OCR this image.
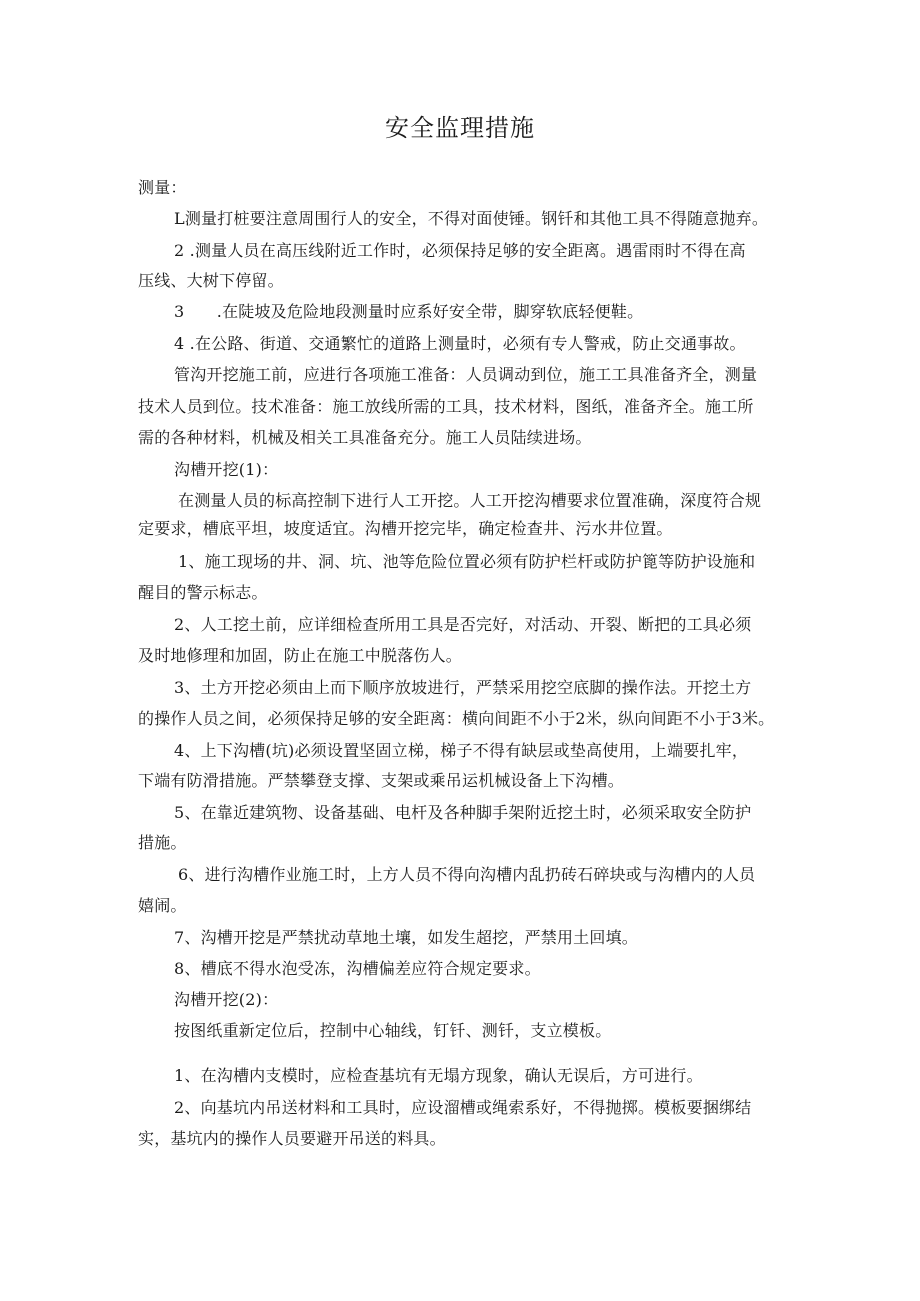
安全监理措施
测量：
L测量打桩要注意周围行人的安全，不得对面使锤。钢钎和其他工具不得随意抛弃。
2 .测量人员在高压线附近工作时，必须保持足够的安全距离。遇雷雨时不得在高
压线、大树下停留。
3　　.在陡坡及危险地段测量时应系好安全带，脚穿软底轻便鞋。
4 .在公路、街道、交通繁忙的道路上测量时，必须有专人警戒，防止交通事故。
管沟开挖施工前，应进行各项施工准备：人员调动到位，施工工具准备齐全，测量
技术人员到位。技术准备：施工放线所需的工具，技术材料，图纸，准备齐全。施工所
需的各种材料，机械及相关工具准备充分。施工人员陆续进场。
沟槽开挖(1)：
在测量人员的标高控制下进行人工开挖。人工开挖沟槽要求位置准确，深度符合规
定要求，槽底平坦，坡度适宜。沟槽开挖完毕，确定检查井、污水井位置。
1、施工现场的井、洞、坑、池等危险位置必须有防护栏杆或防护篦等防护设施和
醒目的警示标志。
2、人工挖土前，应详细检查所用工具是否完好，对活动、开裂、断把的工具必须
及时地修理和加固，防止在施工中脱落伤人。
3、土方开挖必须由上而下顺序放坡进行，严禁采用挖空底脚的操作法。开挖土方
的操作人员之间，必须保持足够的安全距离：横向间距不小于2米，纵向间距不小于3米。
4、上下沟槽(坑)必须设置坚固立梯，梯子不得有缺层或垫高使用，上端要扎牢，
下端有防滑措施。严禁攀登支撑、支架或乘吊运机械设备上下沟槽。
5、在靠近建筑物、设备基础、电杆及各种脚手架附近挖土时，必须采取安全防护
措施。
6、进行沟槽作业施工时，上方人员不得向沟槽内乱扔砖石碎块或与沟槽内的人员
嬉闹。
7、沟槽开挖是严禁扰动草地土壤，如发生超挖，严禁用土回填。
8、槽底不得水泡受冻，沟槽偏差应符合规定要求。
沟槽开挖(2)：
按图纸重新定位后，控制中心轴线，钉钎、测钎，支立模板。
1、在沟槽内支模时，应检查基坑有无塌方现象，确认无误后，方可进行。
2、向基坑内吊送材料和工具时，应设溜槽或绳索系好，不得抛掷。模板要捆绑结
实，基坑内的操作人员要避开吊送的料具。
